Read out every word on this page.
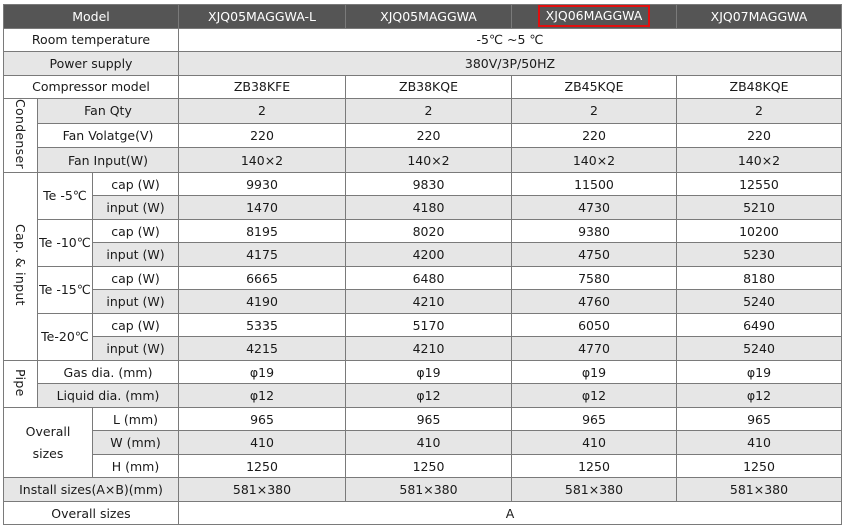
Model			XJQ05MAGGWA-L	XJQ05MAGGWA	XJQ06MAGGWA	XJQ07MAGGWA
Room temperature			-5℃ ~5 ℃			
Power supply			380V/3P/50HZ			
Compressor model			ZB38KFE	ZB38KQE	ZB45KQE	ZB48KQE
Condenser	Fan Qty		2	2	2	2
	Fan Volatge(V)		220	220	220	220
	Fan Input(W)		140×2	140×2	140×2	140×2
Cap. & input	Te -5℃	cap (W)	9930	9830	11500	12550
		input (W)	1470	4180	4730	5210
	Te -10℃	cap (W)	8195	8020	9380	10200
		input (W)	4175	4200	4750	5230
	Te -15℃	cap (W)	6665	6480	7580	8180
		input (W)	4190	4210	4760	5240
	Te-20℃	cap (W)	5335	5170	6050	6490
		input (W)	4215	4210	4770	5240
Pipe	Gas dia. (mm)		φ19	φ19	φ19	φ19
	Liquid dia. (mm)		φ12	φ12	φ12	φ12
Overall
sizes		L (mm)	965	965	965	965
		W (mm)	410	410	410	410
		H (mm)	1250	1250	1250	1250
Install sizes(A×B)(mm)			581×380	581×380	581×380	581×380
Overall sizes			A			
